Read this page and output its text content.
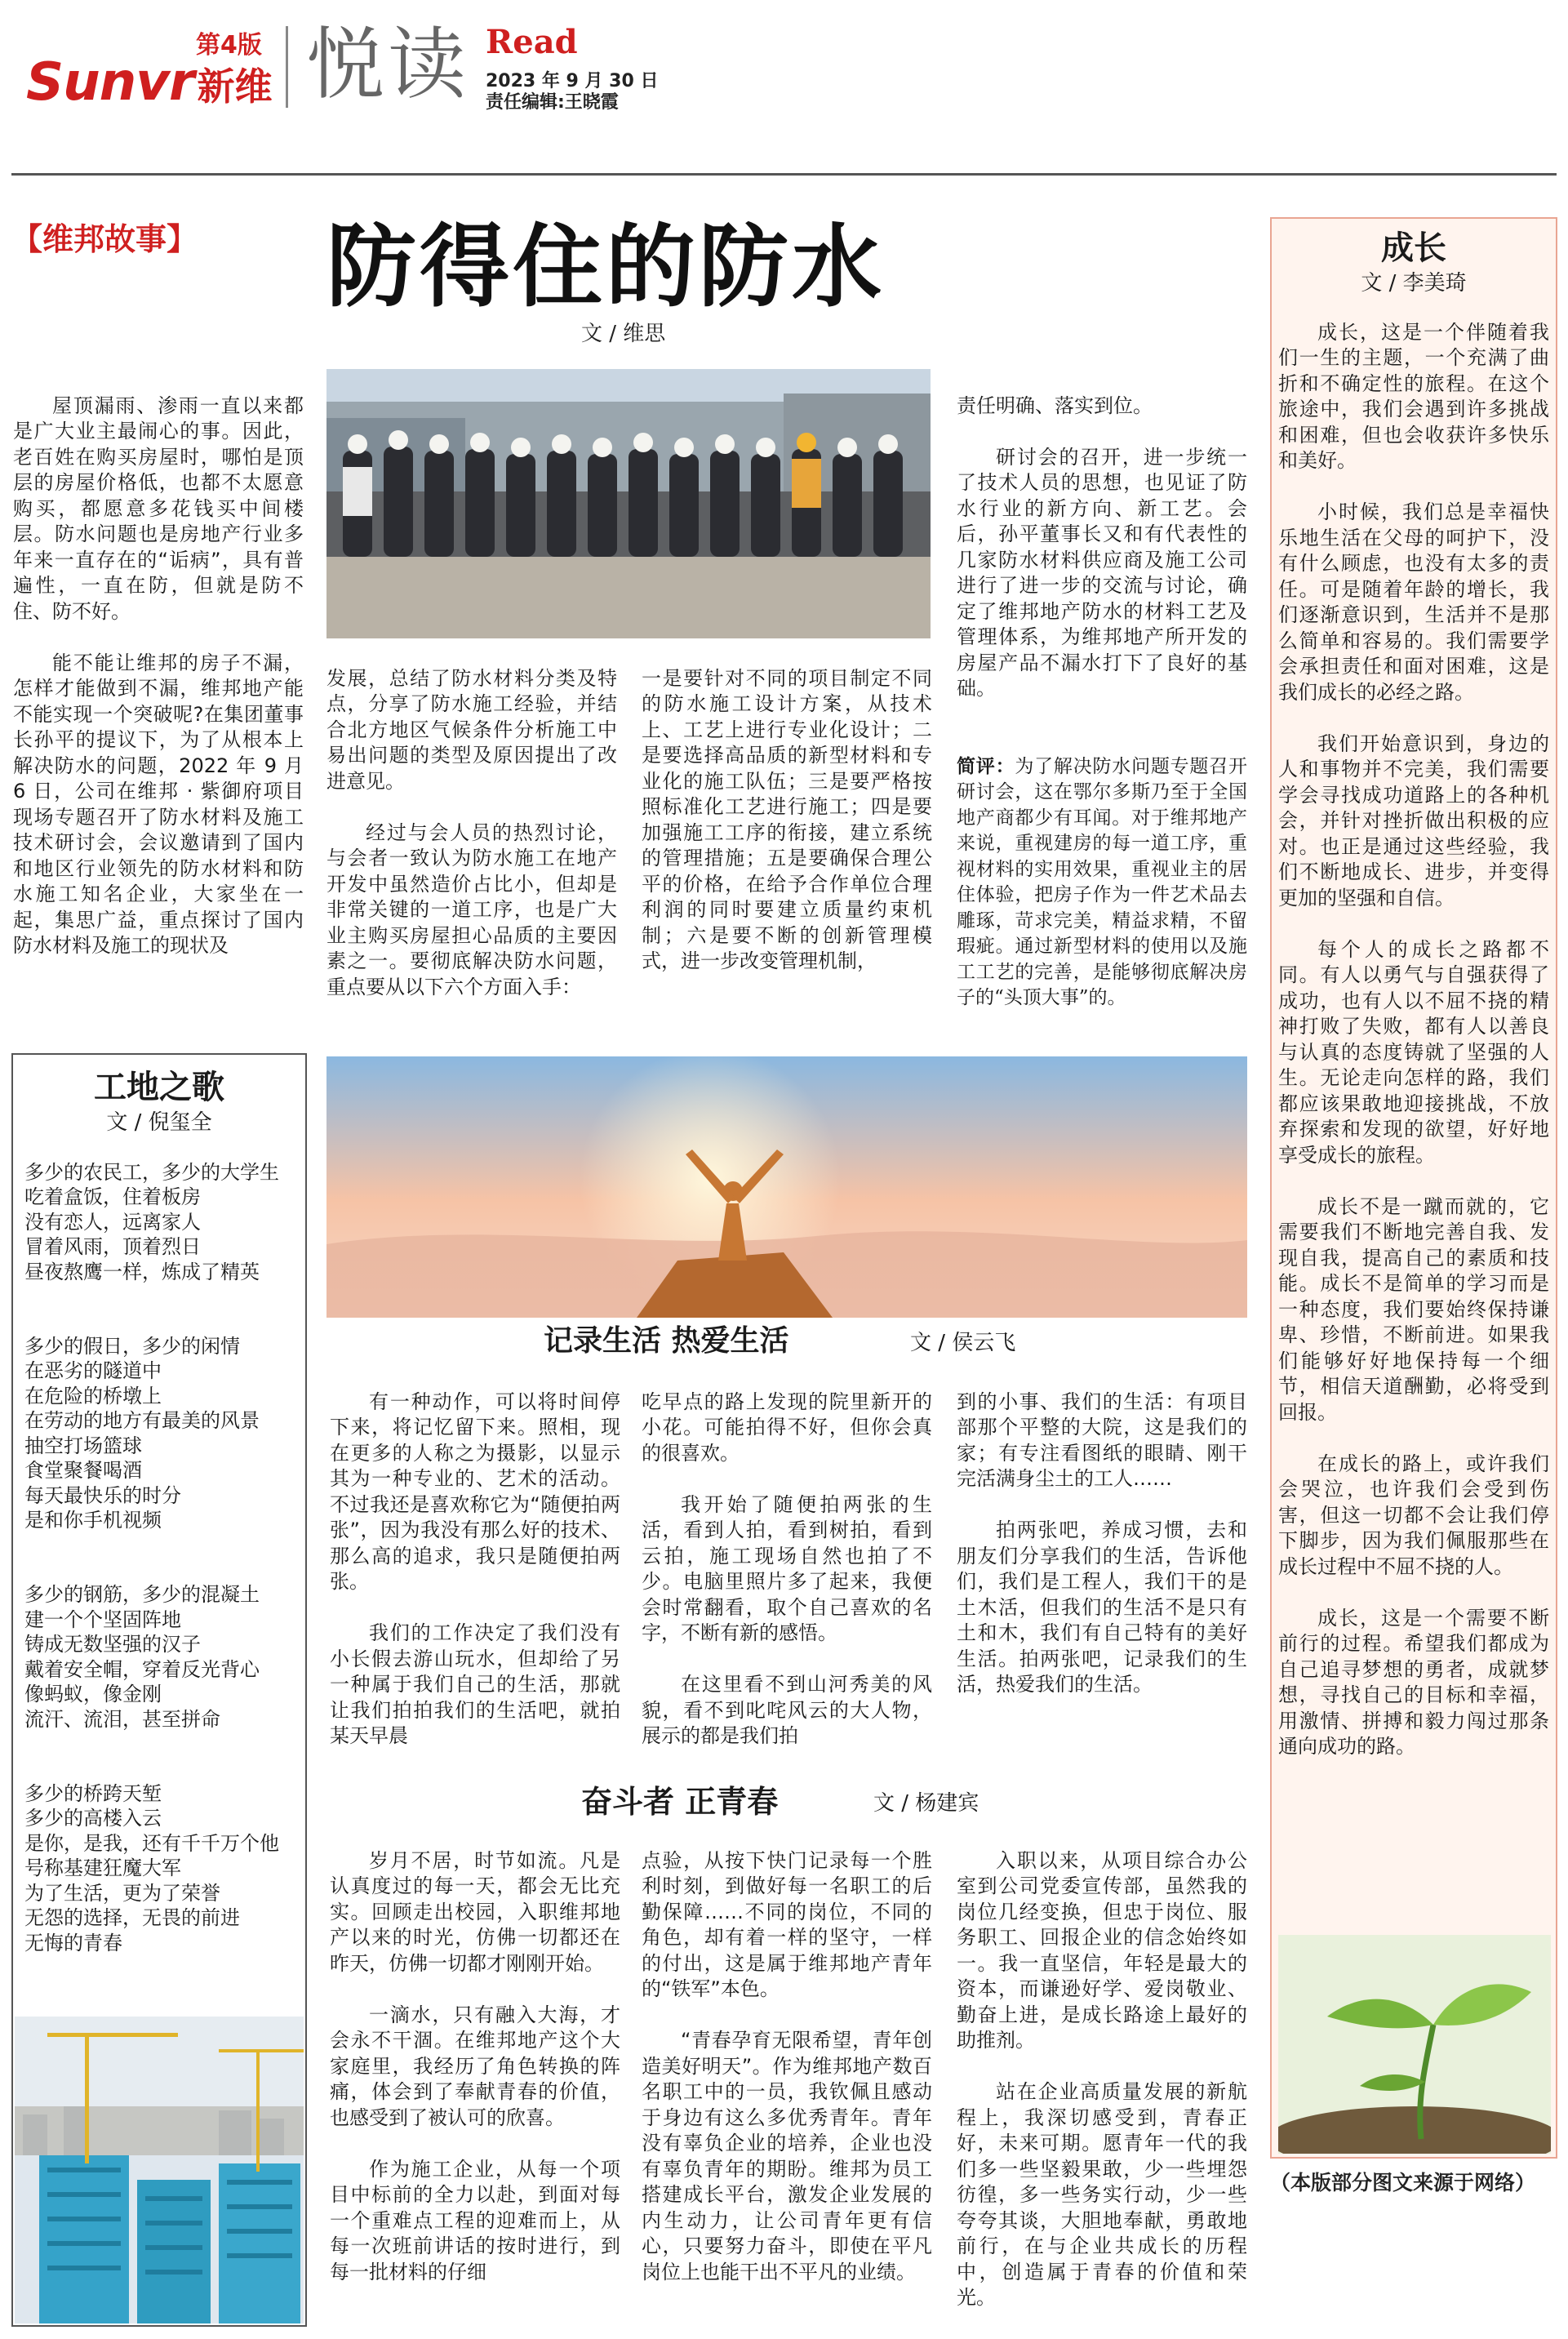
第4版
Sunvr新维 悦读 Read
2023 年 9 月 30 日
责任编辑:王晓霞
【维邦故事】 防得住的防水
文 / 维思

屋顶漏雨、渗雨一直以来都是广大业主最闹心的事。因此，老百姓在购买房屋时，哪怕是顶层的房屋价格低，也都不太愿意购买，都愿意多花钱买中间楼层。防水问题也是房地产行业多年来一直存在的“诟病”，具有普遍性，一直在防，但就是防不住、防不好。

能不能让维邦的房子不漏，怎样才能做到不漏，维邦地产能不能实现一个突破呢?在集团董事长孙平的提议下，为了从根本上解决防水的问题，2022 年 9 月 6 日，公司在维邦 · 紫御府项目现场专题召开了防水材料及施工技术研讨会，会议邀请到了国内和地区行业领先的防水材料和防水施工知名企业，大家坐在一起，集思广益，重点探讨了国内防水材料及施工的现状及

发展，总结了防水材料分类及特点，分享了防水施工经验，并结合北方地区气候条件分析施工中易出问题的类型及原因提出了改进意见。

经过与会人员的热烈讨论，与会者一致认为防水施工在地产开发中虽然造价占比小，但却是非常关键的一道工序，也是广大业主购买房屋担心品质的主要因素之一。要彻底解决防水问题，重点要从以下六个方面入手：

一是要针对不同的项目制定不同的防水施工设计方案，从技术上、工艺上进行专业化设计；二是要选择高品质的新型材料和专业化的施工队伍；三是要严格按照标准化工艺进行施工；四是要加强施工工序的衔接，建立系统的管理措施；五是要确保合理公平的价格，在给予合作单位合理利润的同时要建立质量约束机制；六是要不断的创新管理模式，进一步改变管理机制，

责任明确、落实到位。

研讨会的召开，进一步统一了技术人员的思想，也见证了防水行业的新方向、新工艺。会后，孙平董事长又和有代表性的几家防水材料供应商及施工公司进行了进一步的交流与讨论，确定了维邦地产防水的材料工艺及管理体系，为维邦地产所开发的房屋产品不漏水打下了良好的基础。

简评：为了解决防水问题专题召开研讨会，这在鄂尔多斯乃至于全国地产商都少有耳闻。对于维邦地产来说，重视建房的每一道工序，重视材料的实用效果，重视业主的居住体验，把房子作为一件艺术品去雕琢，苛求完美，精益求精，不留瑕疵。通过新型材料的使用以及施工工艺的完善，是能够彻底解决房子的“头顶大事”的。

工地之歌
文 / 倪玺全

多少的农民工，多少的大学生
吃着盒饭，住着板房
没有恋人，远离家人
冒着风雨，顶着烈日
昼夜熬鹰一样，炼成了精英

多少的假日，多少的闲情
在恶劣的隧道中
在危险的桥墩上
在劳动的地方有最美的风景
抽空打场篮球
食堂聚餐喝酒
每天最快乐的时分
是和你手机视频

多少的钢筋，多少的混凝土
建一个个坚固阵地
铸成无数坚强的汉子
戴着安全帽，穿着反光背心
像蚂蚁，像金刚
流汗、流泪，甚至拼命

多少的桥跨天堑
多少的高楼入云
是你，是我，还有千千万个他
号称基建狂魔大军
为了生活，更为了荣誉
无怨的选择，无畏的前进
无悔的青春

成长
文 / 李美琦

成长，这是一个伴随着我们一生的主题，一个充满了曲折和不确定性的旅程。在这个旅途中，我们会遇到许多挑战和困难，但也会收获许多快乐和美好。

小时候，我们总是幸福快乐地生活在父母的呵护下，没有什么顾虑，也没有太多的责任。可是随着年龄的增长，我们逐渐意识到，生活并不是那么简单和容易的。我们需要学会承担责任和面对困难，这是我们成长的必经之路。

我们开始意识到，身边的人和事物并不完美，我们需要学会寻找成功道路上的各种机会，并针对挫折做出积极的应对。也正是通过这些经验，我们不断地成长、进步，并变得更加的坚强和自信。

每个人的成长之路都不同。有人以勇气与自强获得了成功，也有人以不屈不挠的精神打败了失败，都有人以善良与认真的态度铸就了坚强的人生。无论走向怎样的路，我们都应该果敢地迎接挑战，不放弃探索和发现的欲望，好好地享受成长的旅程。

成长不是一蹴而就的，它需要我们不断地完善自我、发现自我，提高自己的素质和技能。成长不是简单的学习而是一种态度，我们要始终保持谦卑、珍惜，不断前进。如果我们能够好好地保持每一个细节，相信天道酬勤，必将受到回报。

在成长的路上，或许我们会哭泣，也许我们会受到伤害，但这一切都不会让我们停下脚步，因为我们佩服那些在成长过程中不屈不挠的人。

成长，这是一个需要不断前行的过程。希望我们都成为自己追寻梦想的勇者，成就梦想，寻找自己的目标和幸福，用激情、拼搏和毅力闯过那条通向成功的路。

（本版部分图文来源于网络）
记录生活 热爱生活	文 / 侯云飞

有一种动作，可以将时间停下来，将记忆留下来。照相，现在更多的人称之为摄影，以显示其为一种专业的、艺术的活动。不过我还是喜欢称它为“随便拍两张”，因为我没有那么好的技术、那么高的追求，我只是随便拍两张。

我们的工作决定了我们没有小长假去游山玩水，但却给了另一种属于我们自己的生活，那就让我们拍拍我们的生活吧，就拍某天早晨

吃早点的路上发现的院里新开的小花。可能拍得不好，但你会真的很喜欢。

我开始了随便拍两张的生活，看到人拍，看到树拍，看到云拍，施工现场自然也拍了不少。电脑里照片多了起来，我便会时常翻看，取个自己喜欢的名字，不断有新的感悟。

在这里看不到山河秀美的风貌，看不到叱咤风云的大人物，展示的都是我们拍

到的小事、我们的生活：有项目部那个平整的大院，这是我们的家；有专注看图纸的眼睛、刚干完活满身尘土的工人……

拍两张吧，养成习惯，去和朋友们分享我们的生活，告诉他们，我们是工程人，我们干的是土木活，但我们的生活不是只有土和木，我们有自己特有的美好生活。拍两张吧，记录我们的生活，热爱我们的生活。

奋斗者 正青春	文 / 杨建宾

岁月不居，时节如流。凡是认真度过的每一天，都会无比充实。回顾走出校园，入职维邦地产以来的时光，仿佛一切都还在昨天，仿佛一切都才刚刚开始。

一滴水，只有融入大海，才会永不干涸。在维邦地产这个大家庭里，我经历了角色转换的阵痛，体会到了奉献青春的价值，也感受到了被认可的欣喜。

作为施工企业，从每一个项目中标前的全力以赴，到面对每一个重难点工程的迎难而上，从每一次班前讲话的按时进行，到每一批材料的仔细

点验，从按下快门记录每一个胜利时刻，到做好每一名职工的后勤保障……不同的岗位，不同的角色，却有着一样的坚守，一样的付出，这是属于维邦地产青年的“铁军”本色。

“青春孕育无限希望，青年创造美好明天”。作为维邦地产数百名职工中的一员，我钦佩且感动于身边有这么多优秀青年。青年没有辜负企业的培养，企业也没有辜负青年的期盼。维邦为员工搭建成长平台，激发企业发展的内生动力，让公司青年更有信心，只要努力奋斗，即使在平凡岗位上也能干出不平凡的业绩。

入职以来，从项目综合办公室到公司党委宣传部，虽然我的岗位几经变换，但忠于岗位、服务职工、回报企业的信念始终如一。我一直坚信，年轻是最大的资本，而谦逊好学、爱岗敬业、勤奋上进，是成长路途上最好的助推剂。

站在企业高质量发展的新航程上，我深切感受到，青春正好，未来可期。愿青年一代的我们多一些坚毅果敢，少一些埋怨彷徨，多一些务实行动，少一些夸夸其谈，大胆地奉献，勇敢地前行，在与企业共成长的历程中，创造属于青春的价值和荣光。
